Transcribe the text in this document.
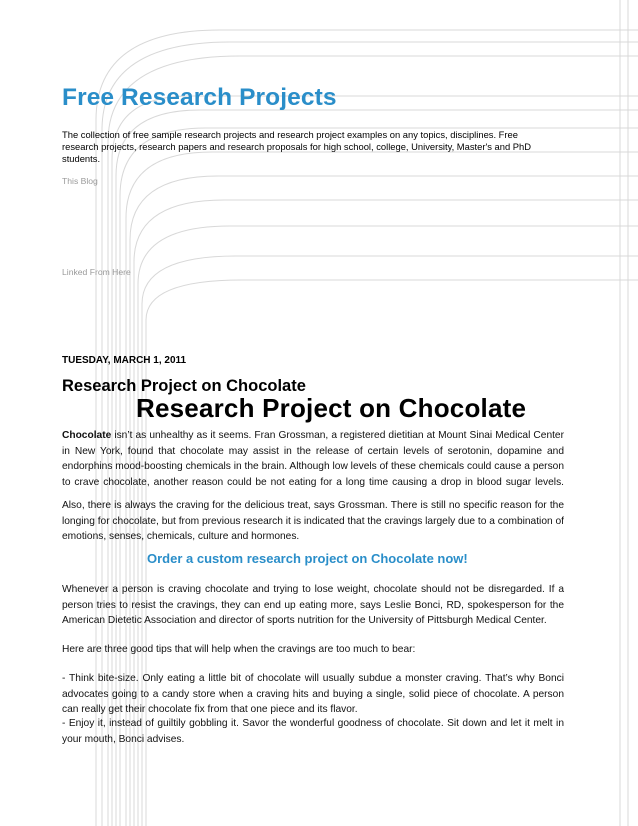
Free Research Projects

The collection of free sample research projects and research project examples on any topics, disciplines. Free research projects, research papers and research proposals for high school, college, University, Master's and PhD students.

This Blog
Linked From Here
TUESDAY, MARCH 1, 2011
Research Project on Chocolate
Research Project on Chocolate

Chocolate isn’t as unhealthy as it seems. Fran Grossman, a registered dietitian at Mount Sinai Medical Center in New York, found that chocolate may assist in the release of certain levels of serotonin, dopamine and endorphins mood-boosting chemicals in the brain. Although low levels of these chemicals could cause a person to crave chocolate, another reason could be not eating for a long time causing a drop in blood sugar levels.

Also, there is always the craving for the delicious treat, says Grossman. There is still no specific reason for the longing for chocolate, but from previous research it is indicated that the cravings largely due to a combination of emotions, senses, chemicals, culture and hormones.

Order a custom research project on Chocolate now!

Whenever a person is craving chocolate and trying to lose weight, chocolate should not be disregarded. If a person tries to resist the cravings, they can end up eating more, says Leslie Bonci, RD, spokesperson for the American Dietetic Association and director of sports nutrition for the University of Pittsburgh Medical Center.

Here are three good tips that will help when the cravings are too much to bear:

- Think bite-size. Only eating a little bit of chocolate will usually subdue a monster craving. That’s why Bonci advocates going to a candy store when a craving hits and buying a single, solid piece of chocolate. A person can really get their chocolate fix from that one piece and its flavor.

- Enjoy it, instead of guiltily gobbling it. Savor the wonderful goodness of chocolate. Sit down and let it melt in your mouth, Bonci advises.
